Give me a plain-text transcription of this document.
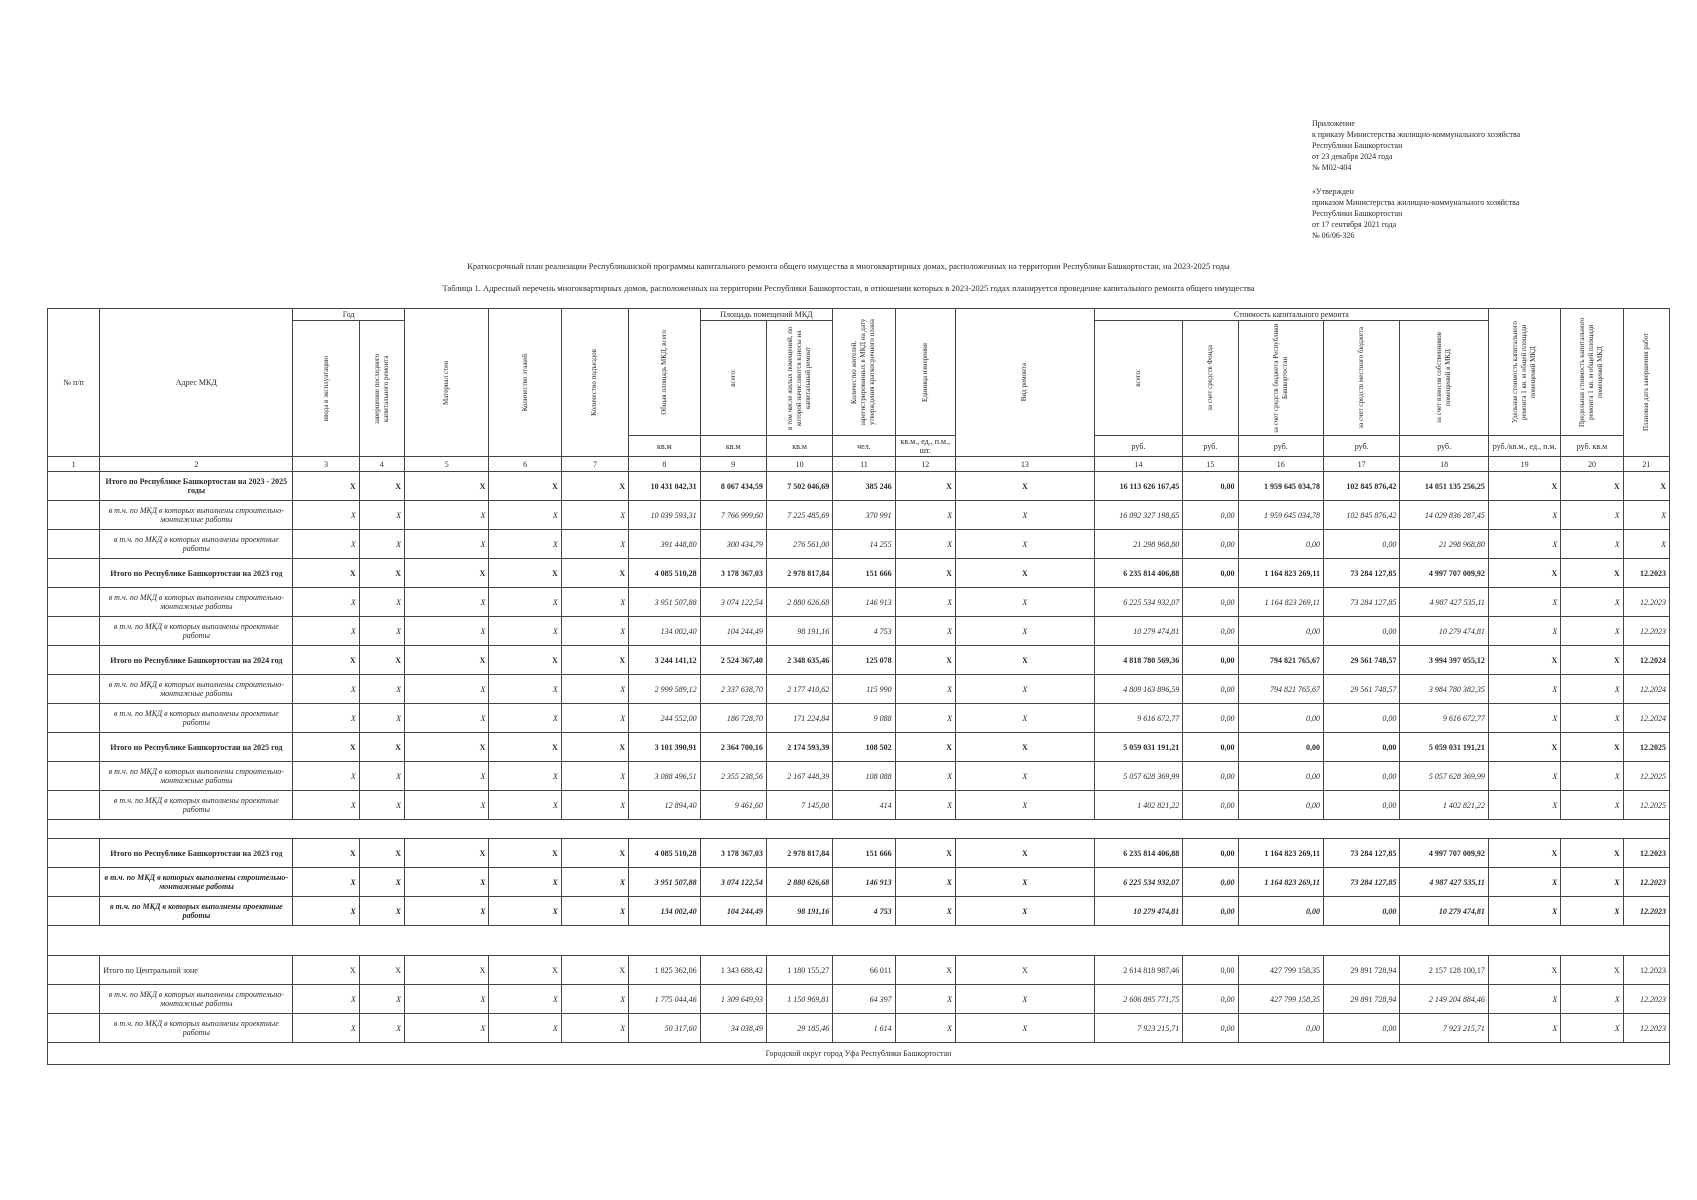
Приложение
к приказу Министерства жилищно-коммунального хозяйства
Республики Башкортостан
от 23 декабря 2024 года
№ М02-404
«Утвержден
приказом Министерства жилищно-коммунального хозяйства
Республики Башкортостан
от 17 сентября 2021 года
№ 06/06-326
Краткосрочный план реализации Республиканской программы капитального ремонта общего имущества в многоквартирных домах, расположенных на территории Республики Башкортостан, на 2023-2025 годы
Таблица 1. Адресный перечень многоквартирных домов, расположенных на территории Республики Башкортостан, в отношении которых в 2023-2025 годах планируется проведение капитального ремонта общего имущества
№ п/п	Адрес МКД	Год		Материал стен	Количество этажей	Количество подъездов	Общая площадь МКД, всего	Площадь помещений МКД		Количество жителей, зарегистрированных в МКД на дату утверждения краткосрочного плана	Единица измерения	Вид ремонта	Стоимость капитального ремонта					Удельная стоимость капитального ремонта 1 кв. м общей площади помещений МКД	Предельная стоимость капитального ремонта 1 кв. м общей площади помещений МКД	Плановая дата завершения работ

		ввода в эксплуатацию	завершение последнего капитального ремонта					всего:	в том числе жилых помещений, по которой начисляются взносы на капитальный ремонт				всего:	за счет средств Фонда	за счет средств бюджета Республики Башкортостан	за счет средств местного бюджета	за счет взносов собственников помещений в МКД			

							кв.м	кв.м	кв.м	чел.	кв.м., ед., п.м., шт.		руб.	руб.	руб.	руб.	руб.	руб./кв.м., ед., п.м.	руб. кв.м	
1	2	3	4	5	6	7	8	9	10	11	12	13	14	15	16	17	18	19	20	21
	Итого по Республике Башкортостан на 2023 - 2025 годы	Х	Х	Х	Х	Х	10 431 042,31	8 067 434,59	7 502 046,69	385 246	Х	Х	16 113 626 167,45	0,00	1 959 645 034,78	102 845 876,42	14 051 135 256,25	Х	Х	Х
	в т.ч. по МКД в которых выполнены строительно-монтажные работы	Х	Х	Х	Х	Х	10 039 593,31	7 766 999,60	7 225 485,69	370 991	Х	Х	16 092 327 198,65	0,00	1 959 645 034,78	102 845 876,42	14 029 836 287,45	Х	Х	Х
	в т.ч. по МКД в которых выполнены проектные работы	Х	Х	Х	Х	Х	391 448,80	300 434,79	276 561,00	14 255	Х	Х	21 298 968,80	0,00	0,00	0,00	21 298 968,80	Х	Х	Х
	Итого по Республике Башкортостан на 2023 год	Х	Х	Х	Х	Х	4 085 510,28	3 178 367,03	2 978 817,84	151 666	Х	Х	6 235 814 406,88	0,00	1 164 823 269,11	73 284 127,85	4 997 707 009,92	Х	Х	12.2023
	в т.ч. по МКД в которых выполнены строительно-монтажные работы	Х	Х	Х	Х	Х	3 951 507,88	3 074 122,54	2 880 626,68	146 913	Х	Х	6 225 534 932,07	0,00	1 164 823 269,11	73 284 127,85	4 987 427 535,11	Х	Х	12.2023
	в т.ч. по МКД в которых выполнены проектные работы	Х	Х	Х	Х	Х	134 002,40	104 244,49	98 191,16	4 753	Х	Х	10 279 474,81	0,00	0,00	0,00	10 279 474,81	Х	Х	12.2023
	Итого по Республике Башкортостан на 2024 год	Х	Х	Х	Х	Х	3 244 141,12	2 524 367,40	2 348 635,46	125 078	Х	Х	4 818 780 569,36	0,00	794 821 765,67	29 561 748,57	3 994 397 055,12	Х	Х	12.2024
	в т.ч. по МКД в которых выполнены строительно-монтажные работы	Х	Х	Х	Х	Х	2 999 589,12	2 337 638,70	2 177 410,62	115 990	Х	Х	4 809 163 896,59	0,00	794 821 765,67	29 561 748,57	3 984 780 382,35	Х	Х	12.2024
	в т.ч. по МКД в которых выполнены проектные работы	Х	Х	Х	Х	Х	244 552,00	186 728,70	171 224,84	9 088	Х	Х	9 616 672,77	0,00	0,00	0,00	9 616 672,77	Х	Х	12.2024
	Итого по Республике Башкортостан на 2025 год	Х	Х	Х	Х	Х	3 101 390,91	2 364 700,16	2 174 593,39	108 502	Х	Х	5 059 031 191,21	0,00	0,00	0,00	5 059 031 191,21	Х	Х	12.2025
	в т.ч. по МКД в которых выполнены строительно-монтажные работы	Х	Х	Х	Х	Х	3 088 496,51	2 355 238,56	2 167 448,39	108 088	Х	Х	5 057 628 369,99	0,00	0,00	0,00	5 057 628 369,99	Х	Х	12.2025
	в т.ч. по МКД в которых выполнены проектные работы	Х	Х	Х	Х	Х	12 894,40	9 461,60	7 145,00	414	Х	Х	1 402 821,22	0,00	0,00	0,00	1 402 821,22	Х	Х	12.2025

	Итого по Республике Башкортостан на 2023 год	Х	Х	Х	Х	Х	4 085 510,28	3 178 367,03	2 978 817,84	151 666	Х	Х	6 235 814 406,88	0,00	1 164 823 269,11	73 284 127,85	4 997 707 009,92	Х	Х	12.2023
	в т.ч. по МКД в которых выполнены строительно-монтажные работы	Х	Х	Х	Х	Х	3 951 507,88	3 074 122,54	2 880 626,68	146 913	Х	Х	6 225 534 932,07	0,00	1 164 823 269,11	73 284 127,85	4 987 427 535,11	Х	Х	12.2023
	в т.ч. по МКД в которых выполнены проектные работы	Х	Х	Х	Х	Х	134 002,40	104 244,49	98 191,16	4 753	Х	Х	10 279 474,81	0,00	0,00	0,00	10 279 474,81	Х	Х	12.2023

	Итого по Центральной зоне	Х	Х	Х	Х	Х	1 825 362,06	1 343 688,42	1 180 155,27	66 011	Х	Х	2 614 818 987,46	0,00	427 799 158,35	29 891 728,94	2 157 128 100,17	Х	Х	12.2023
	в т.ч. по МКД в которых выполнены строительно-монтажные работы	Х	Х	Х	Х	Х	1 775 044,46	1 309 649,93	1 150 969,81	64 397	Х	Х	2 606 895 771,75	0,00	427 799 158,35	29 891 728,94	2 149 204 884,46	Х	Х	12.2023
	в т.ч. по МКД в которых выполнены проектные работы	Х	Х	Х	Х	Х	50 317,60	34 038,49	29 185,46	1 614	Х	Х	7 923 215,71	0,00	0,00	0,00	7 923 215,71	Х	Х	12.2023
Городской округ город Уфа Республики Башкортостан																				
